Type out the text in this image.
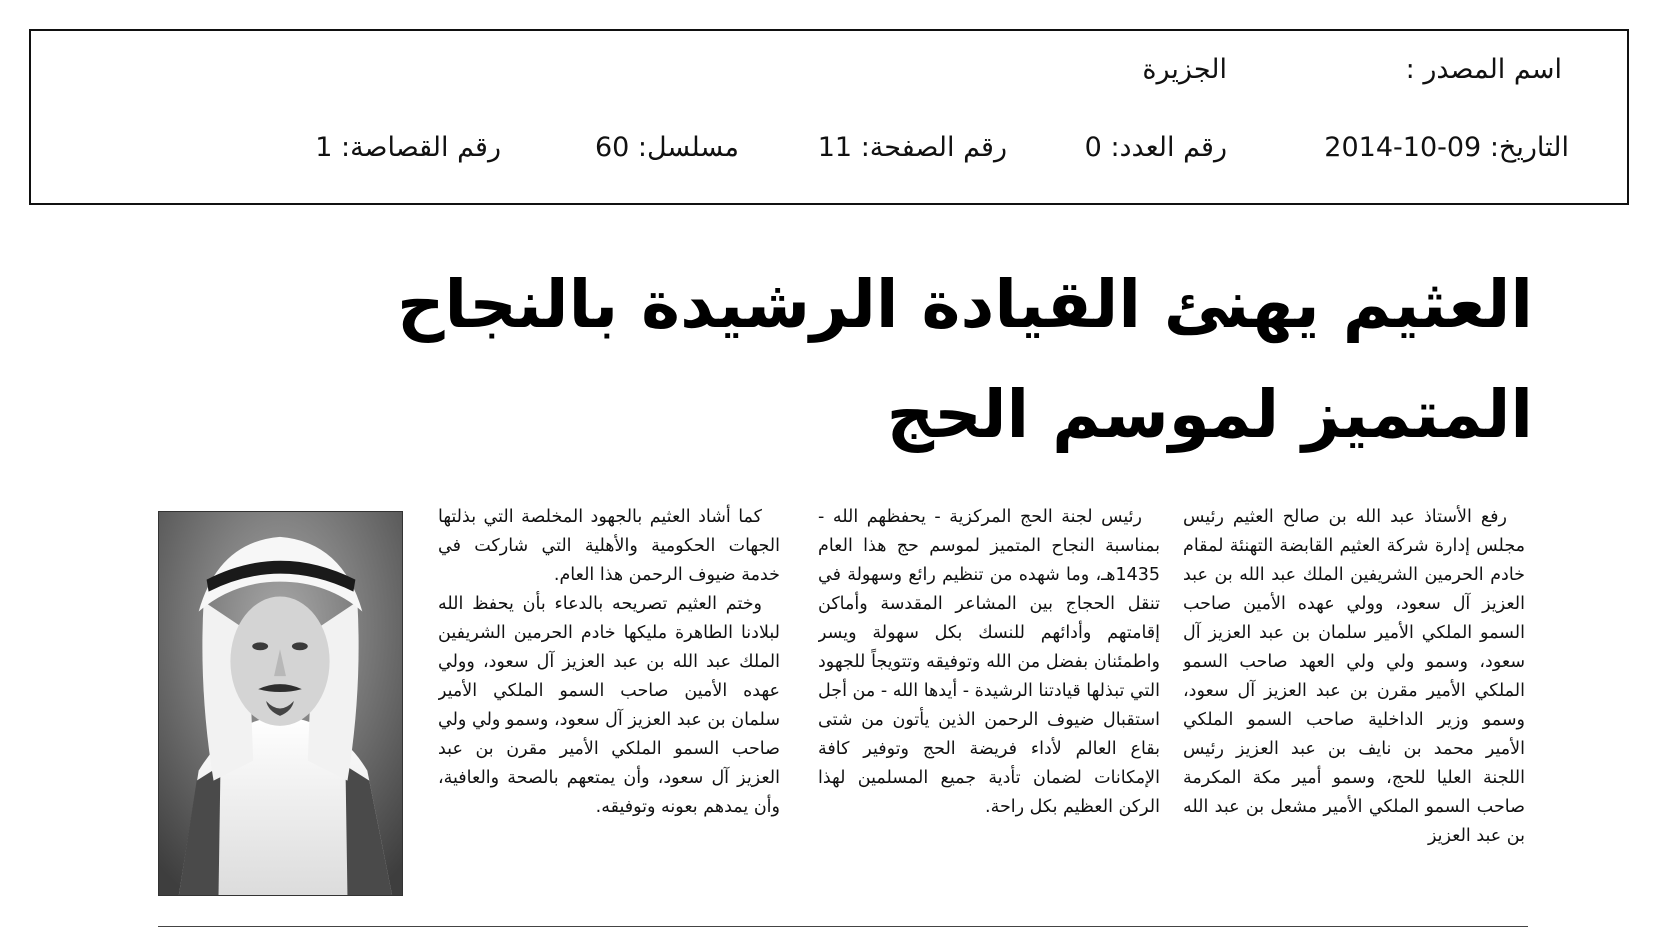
اسم المصدر :
الجزيرة
التاريخ: 09-10-2014
رقم العدد: 0
رقم الصفحة: 11
مسلسل: 60
رقم القصاصة: 1
العثيم يهنئ القيادة الرشيدة بالنجاح المتميز لموسم الحج

رفع الأستاذ عبد الله بن صالح العثيم رئيس مجلس إدارة شركة العثيم القابضة التهنئة لمقام خادم الحرمين الشريفين الملك عبد الله بن عبد العزيز آل سعود، وولي عهده الأمين صاحب السمو الملكي الأمير سلمان بن عبد العزيز آل سعود، وسمو ولي ولي العهد صاحب السمو الملكي الأمير مقرن بن عبد العزيز آل سعود، وسمو وزير الداخلية صاحب السمو الملكي الأمير محمد بن نايف بن عبد العزيز رئيس اللجنة العليا للحج، وسمو أمير مكة المكرمة صاحب السمو الملكي الأمير مشعل بن عبد الله بن عبد العزيز

رئيس لجنة الحج المركزية - يحفظهم الله - بمناسبة النجاح المتميز لموسم حج هذا العام 1435هـ، وما شهده من تنظيم رائع وسهولة في تنقل الحجاج بين المشاعر المقدسة وأماكن إقامتهم وأدائهم للنسك بكل سهولة ويسر واطمئنان بفضل من الله وتوفيقه وتتويجاً للجهود التي تبذلها قيادتنا الرشيدة - أيدها الله - من أجل استقبال ضيوف الرحمن الذين يأتون من شتى بقاع العالم لأداء فريضة الحج وتوفير كافة الإمكانات لضمان تأدية جميع المسلمين لهذا الركن العظيم بكل راحة.

كما أشاد العثيم بالجهود المخلصة التي بذلتها الجهات الحكومية والأهلية التي شاركت في خدمة ضيوف الرحمن هذا العام.

وختم العثيم تصريحه بالدعاء بأن يحفظ الله لبلادنا الطاهرة مليكها خادم الحرمين الشريفين الملك عبد الله بن عبد العزيز آل سعود، وولي عهده الأمين صاحب السمو الملكي الأمير سلمان بن عبد العزيز آل سعود، وسمو ولي ولي صاحب السمو الملكي الأمير مقرن بن عبد العزيز آل سعود، وأن يمتعهم بالصحة والعافية، وأن يمدهم بعونه وتوفيقه.
